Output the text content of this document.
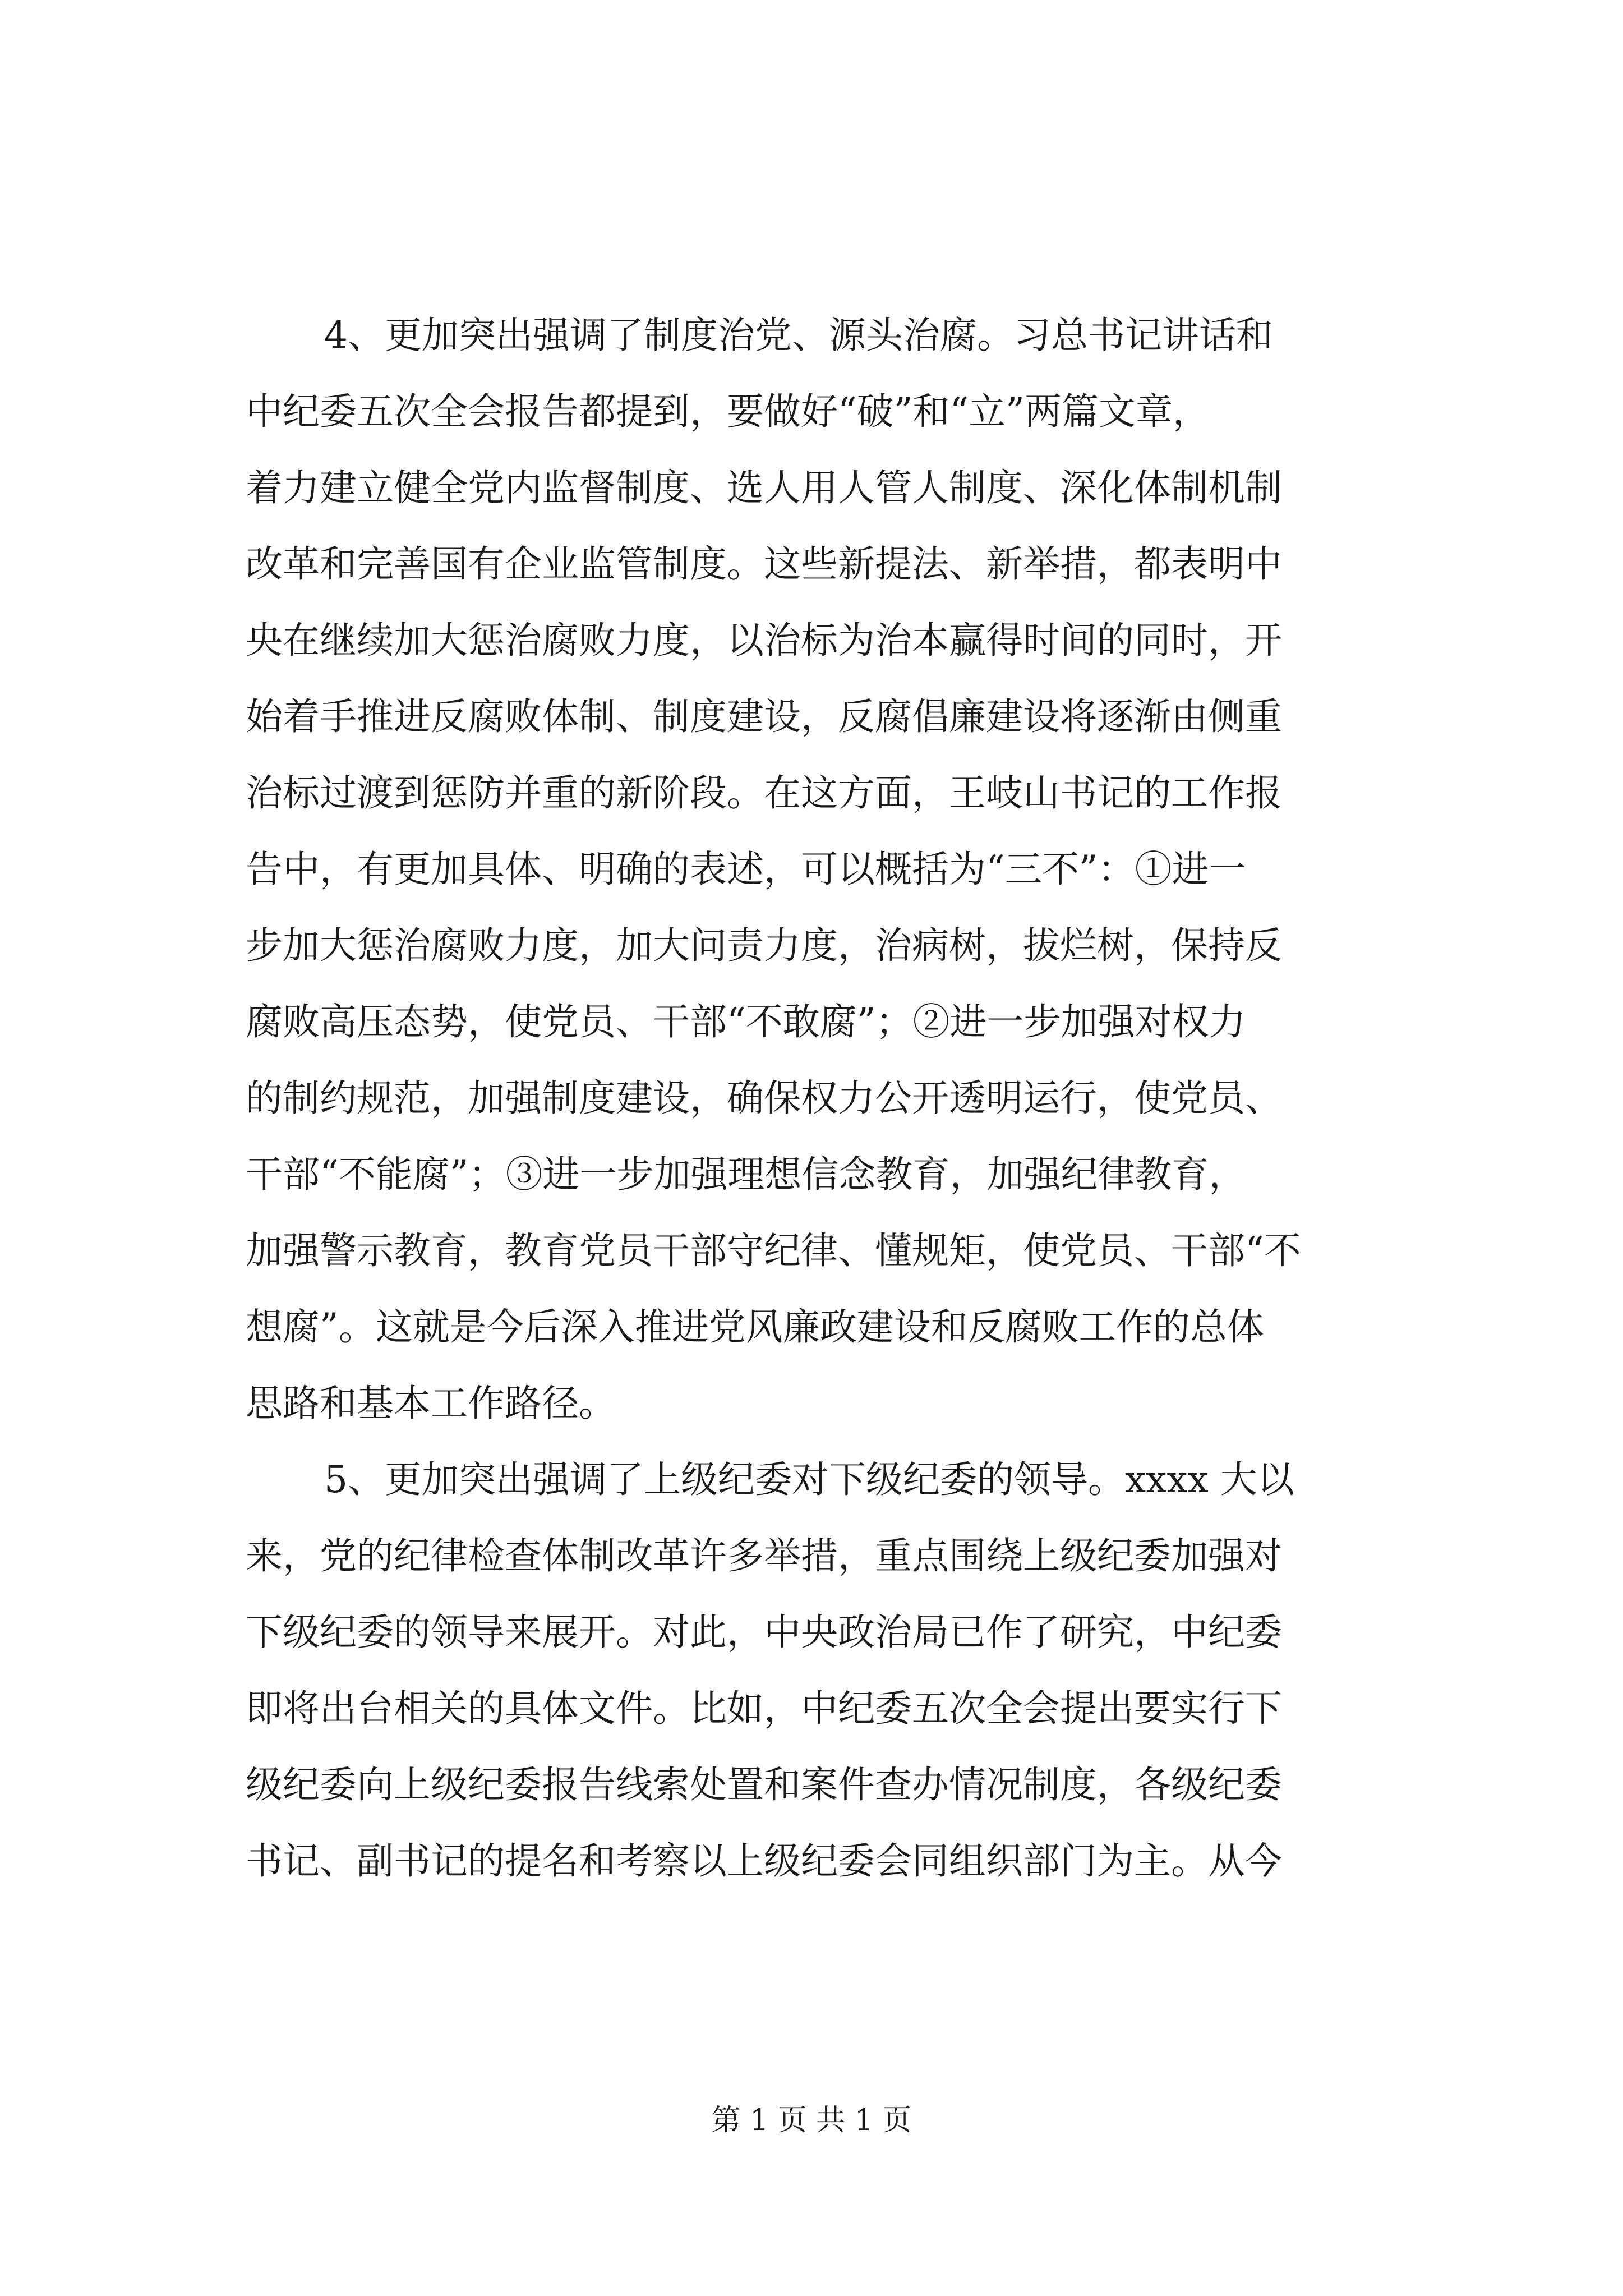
4、更加突出强调了制度治党、源头治腐。习总书记讲话和
中纪委五次全会报告都提到，要做好“破”和“立”两篇文章，
着力建立健全党内监督制度、选人用人管人制度、深化体制机制
改革和完善国有企业监管制度。这些新提法、新举措，都表明中
央在继续加大惩治腐败力度，以治标为治本赢得时间的同时，开
始着手推进反腐败体制、制度建设，反腐倡廉建设将逐渐由侧重
治标过渡到惩防并重的新阶段。在这方面，王岐山书记的工作报
告中，有更加具体、明确的表述，可以概括为“三不”：①进一
步加大惩治腐败力度，加大问责力度，治病树，拔烂树，保持反
腐败高压态势，使党员、干部“不敢腐”；②进一步加强对权力
的制约规范，加强制度建设，确保权力公开透明运行，使党员、
干部“不能腐”；③进一步加强理想信念教育，加强纪律教育，
加强警示教育，教育党员干部守纪律、懂规矩，使党员、干部“不
想腐”。这就是今后深入推进党风廉政建设和反腐败工作的总体
思路和基本工作路径。
5、更加突出强调了上级纪委对下级纪委的领导。xxxx 大以
来，党的纪律检查体制改革许多举措，重点围绕上级纪委加强对
下级纪委的领导来展开。对此，中央政治局已作了研究，中纪委
即将出台相关的具体文件。比如，中纪委五次全会提出要实行下
级纪委向上级纪委报告线索处置和案件查办情况制度，各级纪委
书记、副书记的提名和考察以上级纪委会同组织部门为主。从今
第 1 页 共 1 页
